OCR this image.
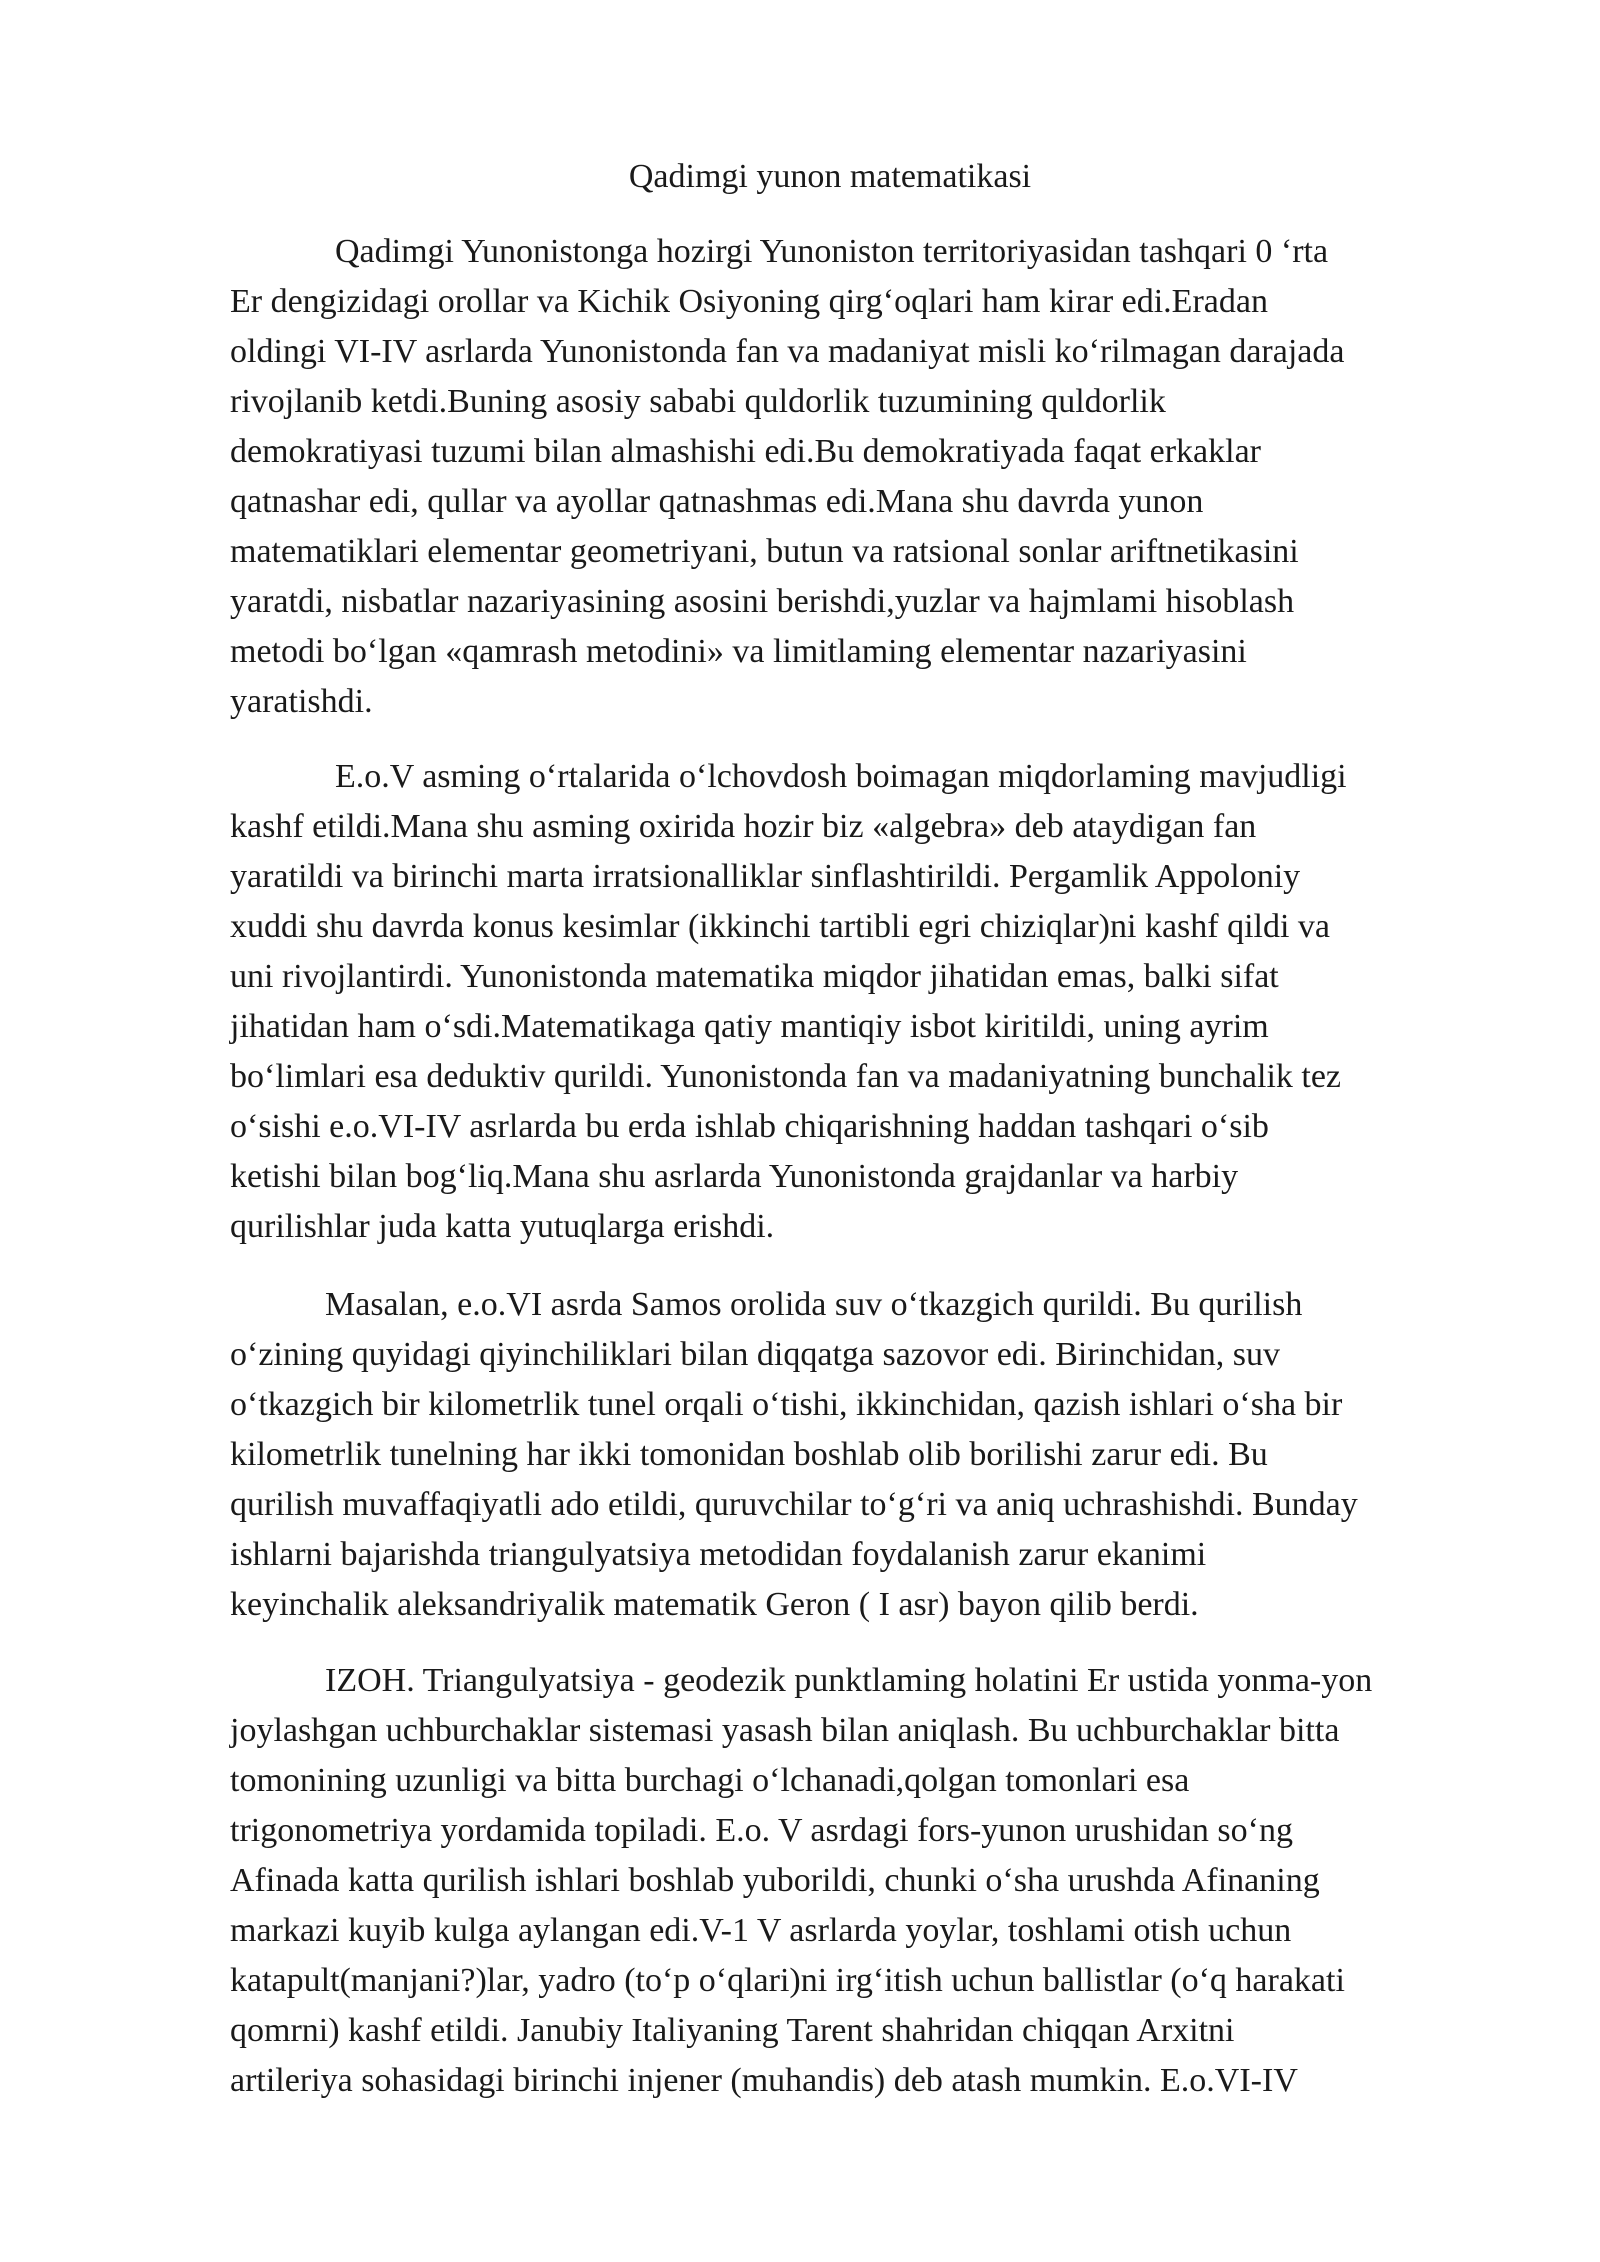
Qadimgi yunon matematikasi
Qadimgi Yunonistonga hozirgi Yunoniston territoriyasidan tashqari 0 ‘rta
Er dengizidagi orollar va Kichik Osiyoning qirg‘oqlari ham kirar edi.Eradan
oldingi VI-IV asrlarda Yunonistonda fan va madaniyat misli ko‘rilmagan darajada
rivojlanib ketdi.Buning asosiy sababi quldorlik tuzumining quldorlik
demokratiyasi tuzumi bilan almashishi edi.Bu demokratiyada faqat erkaklar
qatnashar edi, qullar va ayollar qatnashmas edi.Mana shu davrda yunon
matematiklari elementar geometriyani, butun va ratsional sonlar ariftnetikasini
yaratdi, nisbatlar nazariyasining asosini berishdi,yuzlar va hajmlami hisoblash
metodi bo‘lgan «qamrash metodini» va limitlaming elementar nazariyasini
yaratishdi.
E.o.V asming o‘rtalarida o‘lchovdosh boimagan miqdorlaming mavjudligi
kashf etildi.Mana shu asming oxirida hozir biz «algebra» deb ataydigan fan
yaratildi va birinchi marta irratsionalliklar sinflashtirildi. Pergamlik Appoloniy
xuddi shu davrda konus kesimlar (ikkinchi tartibli egri chiziqlar)ni kashf qildi va
uni rivojlantirdi. Yunonistonda matematika miqdor jihatidan emas, balki sifat
jihatidan ham o‘sdi.Matematikaga qatiy mantiqiy isbot kiritildi, uning ayrim
bo‘limlari esa deduktiv qurildi. Yunonistonda fan va madaniyatning bunchalik tez
o‘sishi e.o.VI-IV asrlarda bu erda ishlab chiqarishning haddan tashqari o‘sib
ketishi bilan bog‘liq.Mana shu asrlarda Yunonistonda grajdanlar va harbiy
qurilishlar juda katta yutuqlarga erishdi.
Masalan, e.o.VI asrda Samos orolida suv o‘tkazgich qurildi. Bu qurilish
o‘zining quyidagi qiyinchiliklari bilan diqqatga sazovor edi. Birinchidan, suv
o‘tkazgich bir kilometrlik tunel orqali o‘tishi, ikkinchidan, qazish ishlari o‘sha bir
kilometrlik tunelning har ikki tomonidan boshlab olib borilishi zarur edi. Bu
qurilish muvaffaqiyatli ado etildi, quruvchilar to‘g‘ri va aniq uchrashishdi. Bunday
ishlarni bajarishda triangulyatsiya metodidan foydalanish zarur ekanimi
keyinchalik aleksandriyalik matematik Geron ( I asr) bayon qilib berdi.
IZOH. Triangulyatsiya - geodezik punktlaming holatini Er ustida yonma-yon
joylashgan uchburchaklar sistemasi yasash bilan aniqlash. Bu uchburchaklar bitta
tomonining uzunligi va bitta burchagi o‘lchanadi,qolgan tomonlari esa
trigonometriya yordamida topiladi. E.o. V asrdagi fors-yunon urushidan so‘ng
Afinada katta qurilish ishlari boshlab yuborildi, chunki o‘sha urushda Afinaning
markazi kuyib kulga aylangan edi.V-1 V asrlarda yoylar, toshlami otish uchun
katapult(manjani?)lar, yadro (to‘p o‘qlari)ni irg‘itish uchun ballistlar (o‘q harakati
qomrni) kashf etildi. Janubiy Italiyaning Tarent shahridan chiqqan Arxitni
artileriya sohasidagi birinchi injener (muhandis) deb atash mumkin. E.o.VI-IV
